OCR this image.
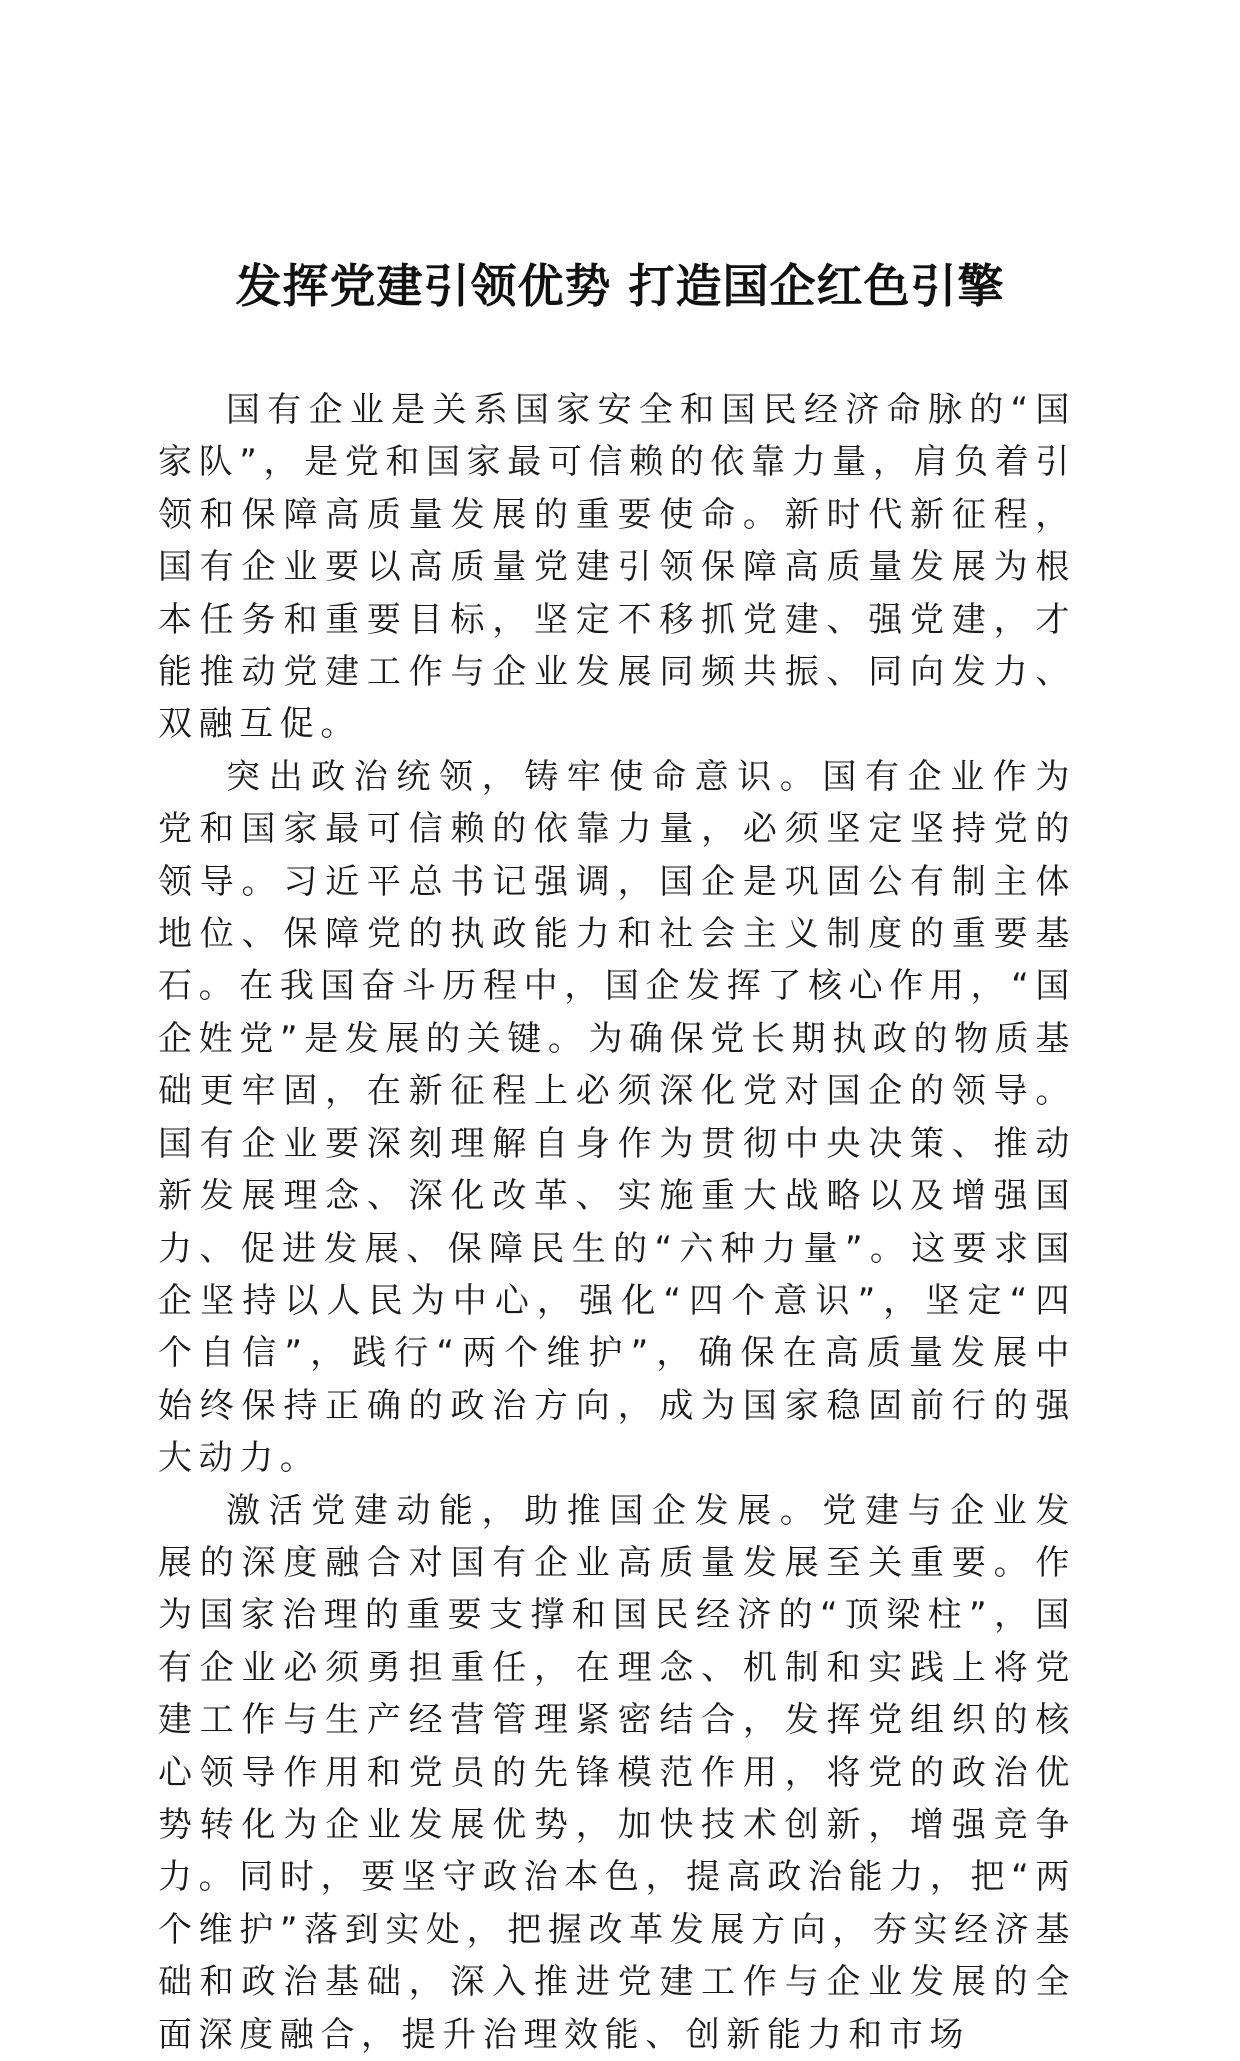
发挥党建引领优势 打造国企红色引擎

国有企业是关系国家安全和国民经济命脉的“国家队”，是党和国家最可信赖的依靠力量，肩负着引领和保障高质量发展的重要使命。新时代新征程，国有企业要以高质量党建引领保障高质量发展为根本任务和重要目标，坚定不移抓党建、强党建，才能推动党建工作与企业发展同频共振、同向发力、双融互促。

突出政治统领，铸牢使命意识。国有企业作为党和国家最可信赖的依靠力量，必须坚定坚持党的领导。习近平总书记强调，国企是巩固公有制主体地位、保障党的执政能力和社会主义制度的重要基石。在我国奋斗历程中，国企发挥了核心作用，“国企姓党”是发展的关键。为确保党长期执政的物质基础更牢固，在新征程上必须深化党对国企的领导。国有企业要深刻理解自身作为贯彻中央决策、推动新发展理念、深化改革、实施重大战略以及增强国力、促进发展、保障民生的“六种力量”。这要求国企坚持以人民为中心，强化“四个意识”，坚定“四个自信”，践行“两个维护”，确保在高质量发展中始终保持正确的政治方向，成为国家稳固前行的强大动力。

激活党建动能，助推国企发展。党建与企业发展的深度融合对国有企业高质量发展至关重要。作为国家治理的重要支撑和国民经济的“顶梁柱”，国有企业必须勇担重任，在理念、机制和实践上将党建工作与生产经营管理紧密结合，发挥党组织的核心领导作用和党员的先锋模范作用，将党的政治优势转化为企业发展优势，加快技术创新，增强竞争力。同时，要坚守政治本色，提高政治能力，把“两个维护”落到实处，把握改革发展方向，夯实经济基础和政治基础，深入推进党建工作与企业发展的全面深度融合，提升治理效能、创新能力和市场
